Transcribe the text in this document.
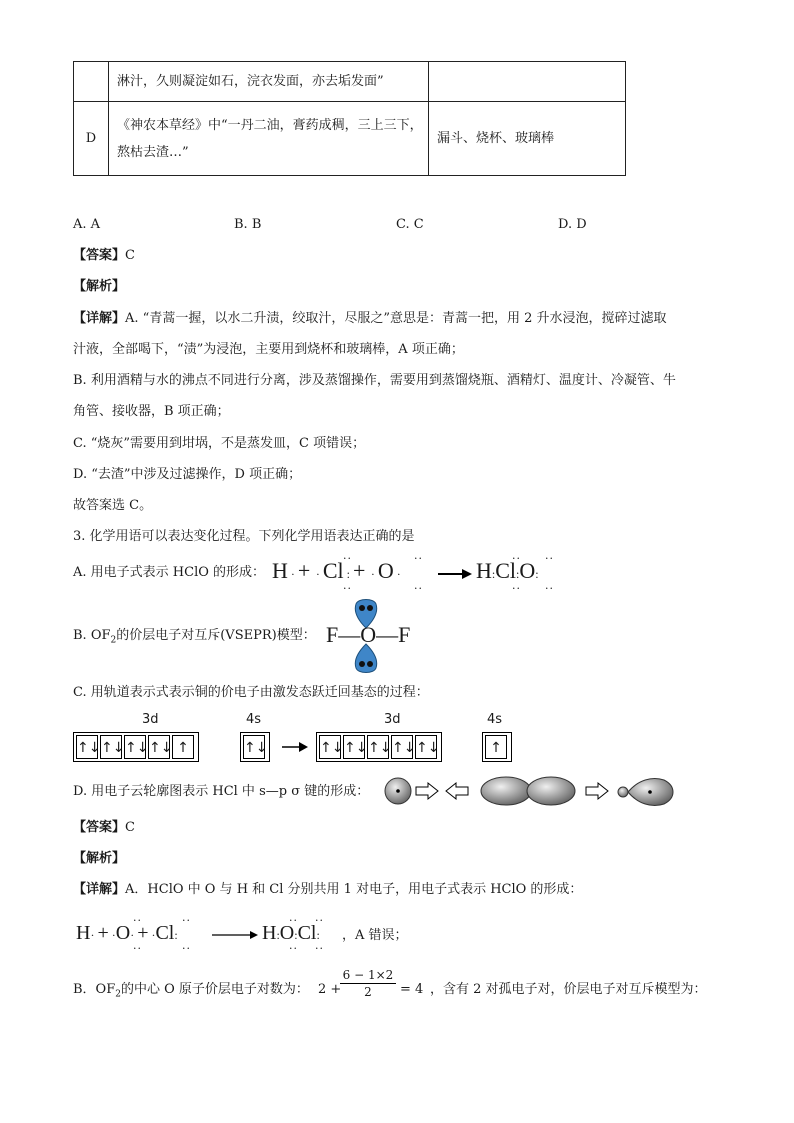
	淋汁，久则凝淀如石，浣衣发面，亦去垢发面”	
D	《神农本草经》中“一丹二油，膏药成稠，三上三下，
熬枯去渣…”	漏斗、烧杯、玻璃棒
A. A	B. B	C. C	D. D
【答案】C
【解析】
【详解】A. “青蒿一握，以水二升渍，绞取汁，尽服之”意思是：青蒿一把，用 2 升水浸泡，搅碎过滤取
汁液，全部喝下，“渍”为浸泡，主要用到烧杯和玻璃棒，A 项正确；
B. 利用酒精与水的沸点不同进行分离，涉及蒸馏操作，需要用到蒸馏烧瓶、酒精灯、温度计、冷凝管、牛
角管、接收器，B 项正确；
C. “烧灰”需要用到坩埚，不是蒸发皿，C 项错误；
D. “去渣”中涉及过滤操作，D 项正确；
故答案选 C。
3. 化学用语可以表达变化过程。下列化学用语表达正确的是
A. 用电子式表示 HClO 的形成： H · + · Cl : + · O ·	→ H:Cl:O:
··
··
··
··
··
··
··
··
B. $OF_2$的价层电子对互斥(VSEPR)模型： F—O—F
C. 用轨道表示式表示铜的价电子由激发态跃迁回基态的过程：
3d	4s	3d	4s
↑↓ ↑↓ ↑↓ ↑↓ ↑	↑↓	↑↓ ↑↓ ↑↓ ↑↓ ↑↓	↑
D. 用电子云轮廓图表示 HCl 中 s—p σ 键的形成：
【答案】C
【解析】
【详解】A．HClO 中 O 与 H 和 Cl 分别共用 1 对电子，用电子式表示 HClO 的形成：
H· + ·O· + ·Cl:
··
··
··
··
→ H:O:Cl:
··
··
··
··
，A 错误；
B．$OF_2$的中心 O 原子价层电子对数为： 2 +
6 − 1×2
2	= 4 ，含有 2 对孤电子对，价层电子对互斥模型为：
